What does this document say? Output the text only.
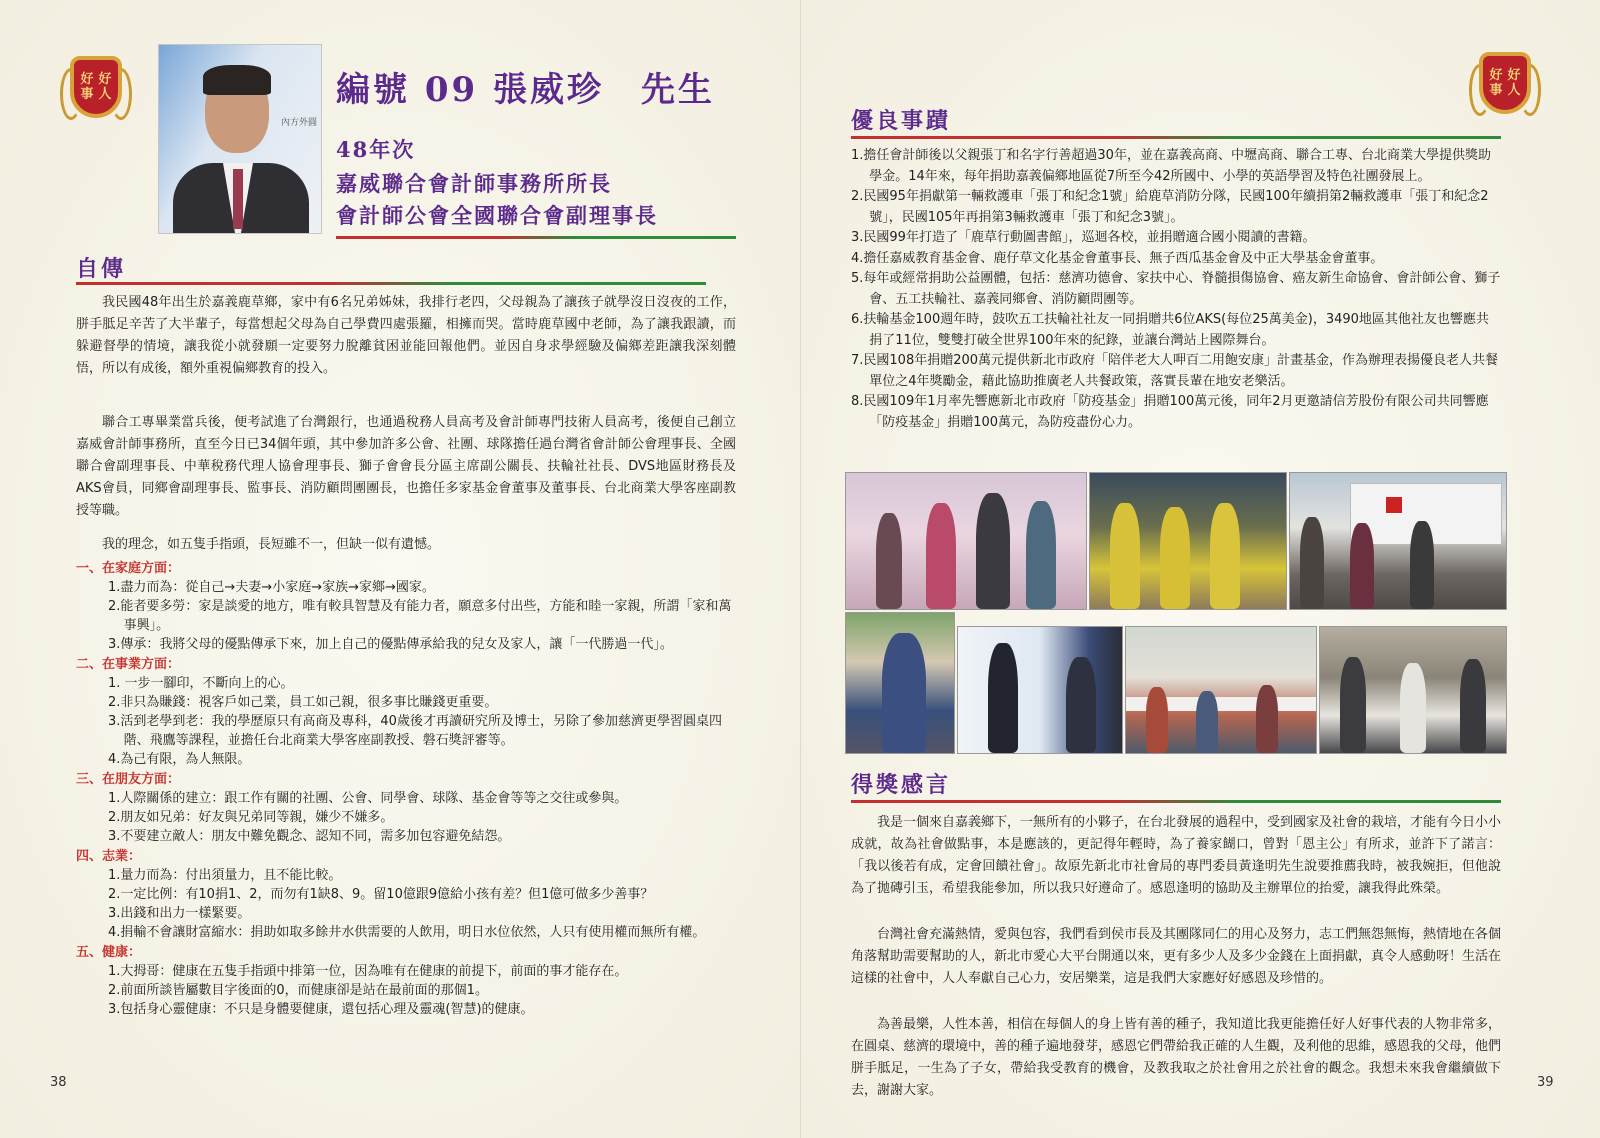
好 好
事 人
內方外圓
編號 09 張威珍　先生
48年次
嘉威聯合會計師事務所所長
會計師公會全國聯合會副理事長
自傳
我民國48年出生於嘉義鹿草鄉，家中有6名兄弟姊妹，我排行老四，父母親為了讓孩子就學沒日沒夜的工作，胼手胝足辛苦了大半輩子，每當想起父母為自己學費四處張羅，相擁而哭。當時鹿草國中老師，為了讓我跟讀，而躲避督學的情境，讓我從小就發願一定要努力脫離貧困並能回報他們。並因自身求學經驗及偏鄉差距讓我深刻體悟，所以有成後，額外重視偏鄉教育的投入。
聯合工專畢業當兵後，便考試進了台灣銀行，也通過稅務人員高考及會計師專門技術人員高考，後便自己創立嘉威會計師事務所，直至今日已34個年頭，其中參加許多公會、社團、球隊擔任過台灣省會計師公會理事長、全國聯合會副理事長、中華稅務代理人協會理事長、獅子會會長分區主席副公關長、扶輪社社長、DVS地區財務長及AKS會員，同鄉會副理事長、監事長、消防顧問團團長，也擔任多家基金會董事及董事長、台北商業大學客座副教授等職。
我的理念，如五隻手指頭，長短雖不一，但缺一似有遺憾。
一、在家庭方面：
1.盡力而為：從自己→夫妻→小家庭→家族→家鄉→國家。
2.能者要多勞：家是談愛的地方，唯有較具智慧及有能力者，願意多付出些，方能和睦一家親，所謂「家和萬事興」。
3.傳承：我將父母的優點傳承下來，加上自己的優點傳承給我的兒女及家人，讓「一代勝過一代」。
二、在事業方面：
1. 一步一腳印，不斷向上的心。
2.非只為賺錢：視客戶如己業，員工如己親，很多事比賺錢更重要。
3.活到老學到老：我的學歷原只有高商及專科，40歲後才再讀研究所及博士，另除了參加慈濟更學習圓桌四階、飛鷹等課程，並擔任台北商業大學客座副教授、磐石獎評審等。
4.為己有限，為人無限。
三、在朋友方面：
1.人際關係的建立：跟工作有關的社團、公會、同學會、球隊、基金會等等之交往或參與。
2.朋友如兄弟：好友與兄弟同等親，嫌少不嫌多。
3.不要建立敵人：朋友中難免觀念、認知不同，需多加包容避免結怨。
四、志業：
1.量力而為：付出須量力，且不能比較。
2.一定比例：有10捐1、2，而勿有1缺8、9。留10億跟9億給小孩有差？但1億可做多少善事？
3.出錢和出力一樣緊要。
4.捐輸不會讓財富縮水：捐助如取多餘井水供需要的人飲用，明日水位依然，人只有使用權而無所有權。
五、健康：
1.大拇哥：健康在五隻手指頭中排第一位，因為唯有在健康的前提下，前面的事才能存在。
2.前面所談皆屬數目字後面的0，而健康卻是站在最前面的那個1。
3.包括身心靈健康：不只是身體要健康，還包括心理及靈魂(智慧)的健康。
38
好 好
事 人
優良事蹟
1.擔任會計師後以父親張丁和名字行善超過30年，並在嘉義高商、中壢高商、聯合工專、台北商業大學提供獎助學金。14年來，每年捐助嘉義偏鄉地區從7所至今42所國中、小學的英語學習及特色社團發展上。
2.民國95年捐獻第一輛救護車「張丁和紀念1號」給鹿草消防分隊，民國100年續捐第2輛救護車「張丁和紀念2號」，民國105年再捐第3輛救護車「張丁和紀念3號」。
3.民國99年打造了「鹿草行動圖書館」，巡迴各校，並捐贈適合國小閱讀的書籍。
4.擔任嘉威教育基金會、鹿仔草文化基金會董事長、無子西瓜基金會及中正大學基金會董事。
5.每年或經常捐助公益團體，包括：慈濟功德會、家扶中心、脊髓損傷協會、癌友新生命協會、會計師公會、獅子會、五工扶輪社、嘉義同鄉會、消防顧問團等。
6.扶輪基金100週年時，鼓吹五工扶輪社社友一同捐贈共6位AKS(每位25萬美金)，3490地區其他社友也響應共捐了11位，雙雙打破全世界100年來的紀錄，並讓台灣站上國際舞台。
7.民國108年捐贈200萬元提供新北市政府「陪伴老大人呷百二用飽安康」計畫基金，作為辦理表揚優良老人共餐單位之4年獎勵金，藉此協助推廣老人共餐政策，落實長輩在地安老樂活。
8.民國109年1月率先響應新北市政府「防疫基金」捐贈100萬元後，同年2月更邀請信芳股份有限公司共同響應「防疫基金」捐贈100萬元，為防疫盡份心力。
得獎感言
我是一個來自嘉義鄉下，一無所有的小夥子，在台北發展的過程中，受到國家及社會的栽培，才能有今日小小成就，故為社會做點事，本是應該的，更記得年輕時，為了養家餬口，曾對「恩主公」有所求，並許下了諾言：「我以後若有成，定會回饋社會」。故原先新北市社會局的專門委員黃逢明先生說要推薦我時，被我婉拒，但他說為了拋磚引玉，希望我能參加，所以我只好遵命了。感恩逢明的協助及主辦單位的抬愛，讓我得此殊榮。
台灣社會充滿熱情，愛與包容，我們看到侯市長及其團隊同仁的用心及努力，志工們無怨無悔，熱情地在各個角落幫助需要幫助的人，新北市愛心大平台開通以來，更有多少人及多少金錢在上面捐獻，真令人感動呀！生活在這樣的社會中，人人奉獻自己心力，安居樂業，這是我們大家應好好感恩及珍惜的。
為善最樂，人性本善，相信在每個人的身上皆有善的種子，我知道比我更能擔任好人好事代表的人物非常多，在圓桌、慈濟的環境中，善的種子遍地發芽，感恩它們帶給我正確的人生觀，及利他的思維，感恩我的父母，他們胼手胝足，一生為了子女，帶給我受教育的機會，及教我取之於社會用之於社會的觀念。我想未來我會繼續做下去，謝謝大家。
39
